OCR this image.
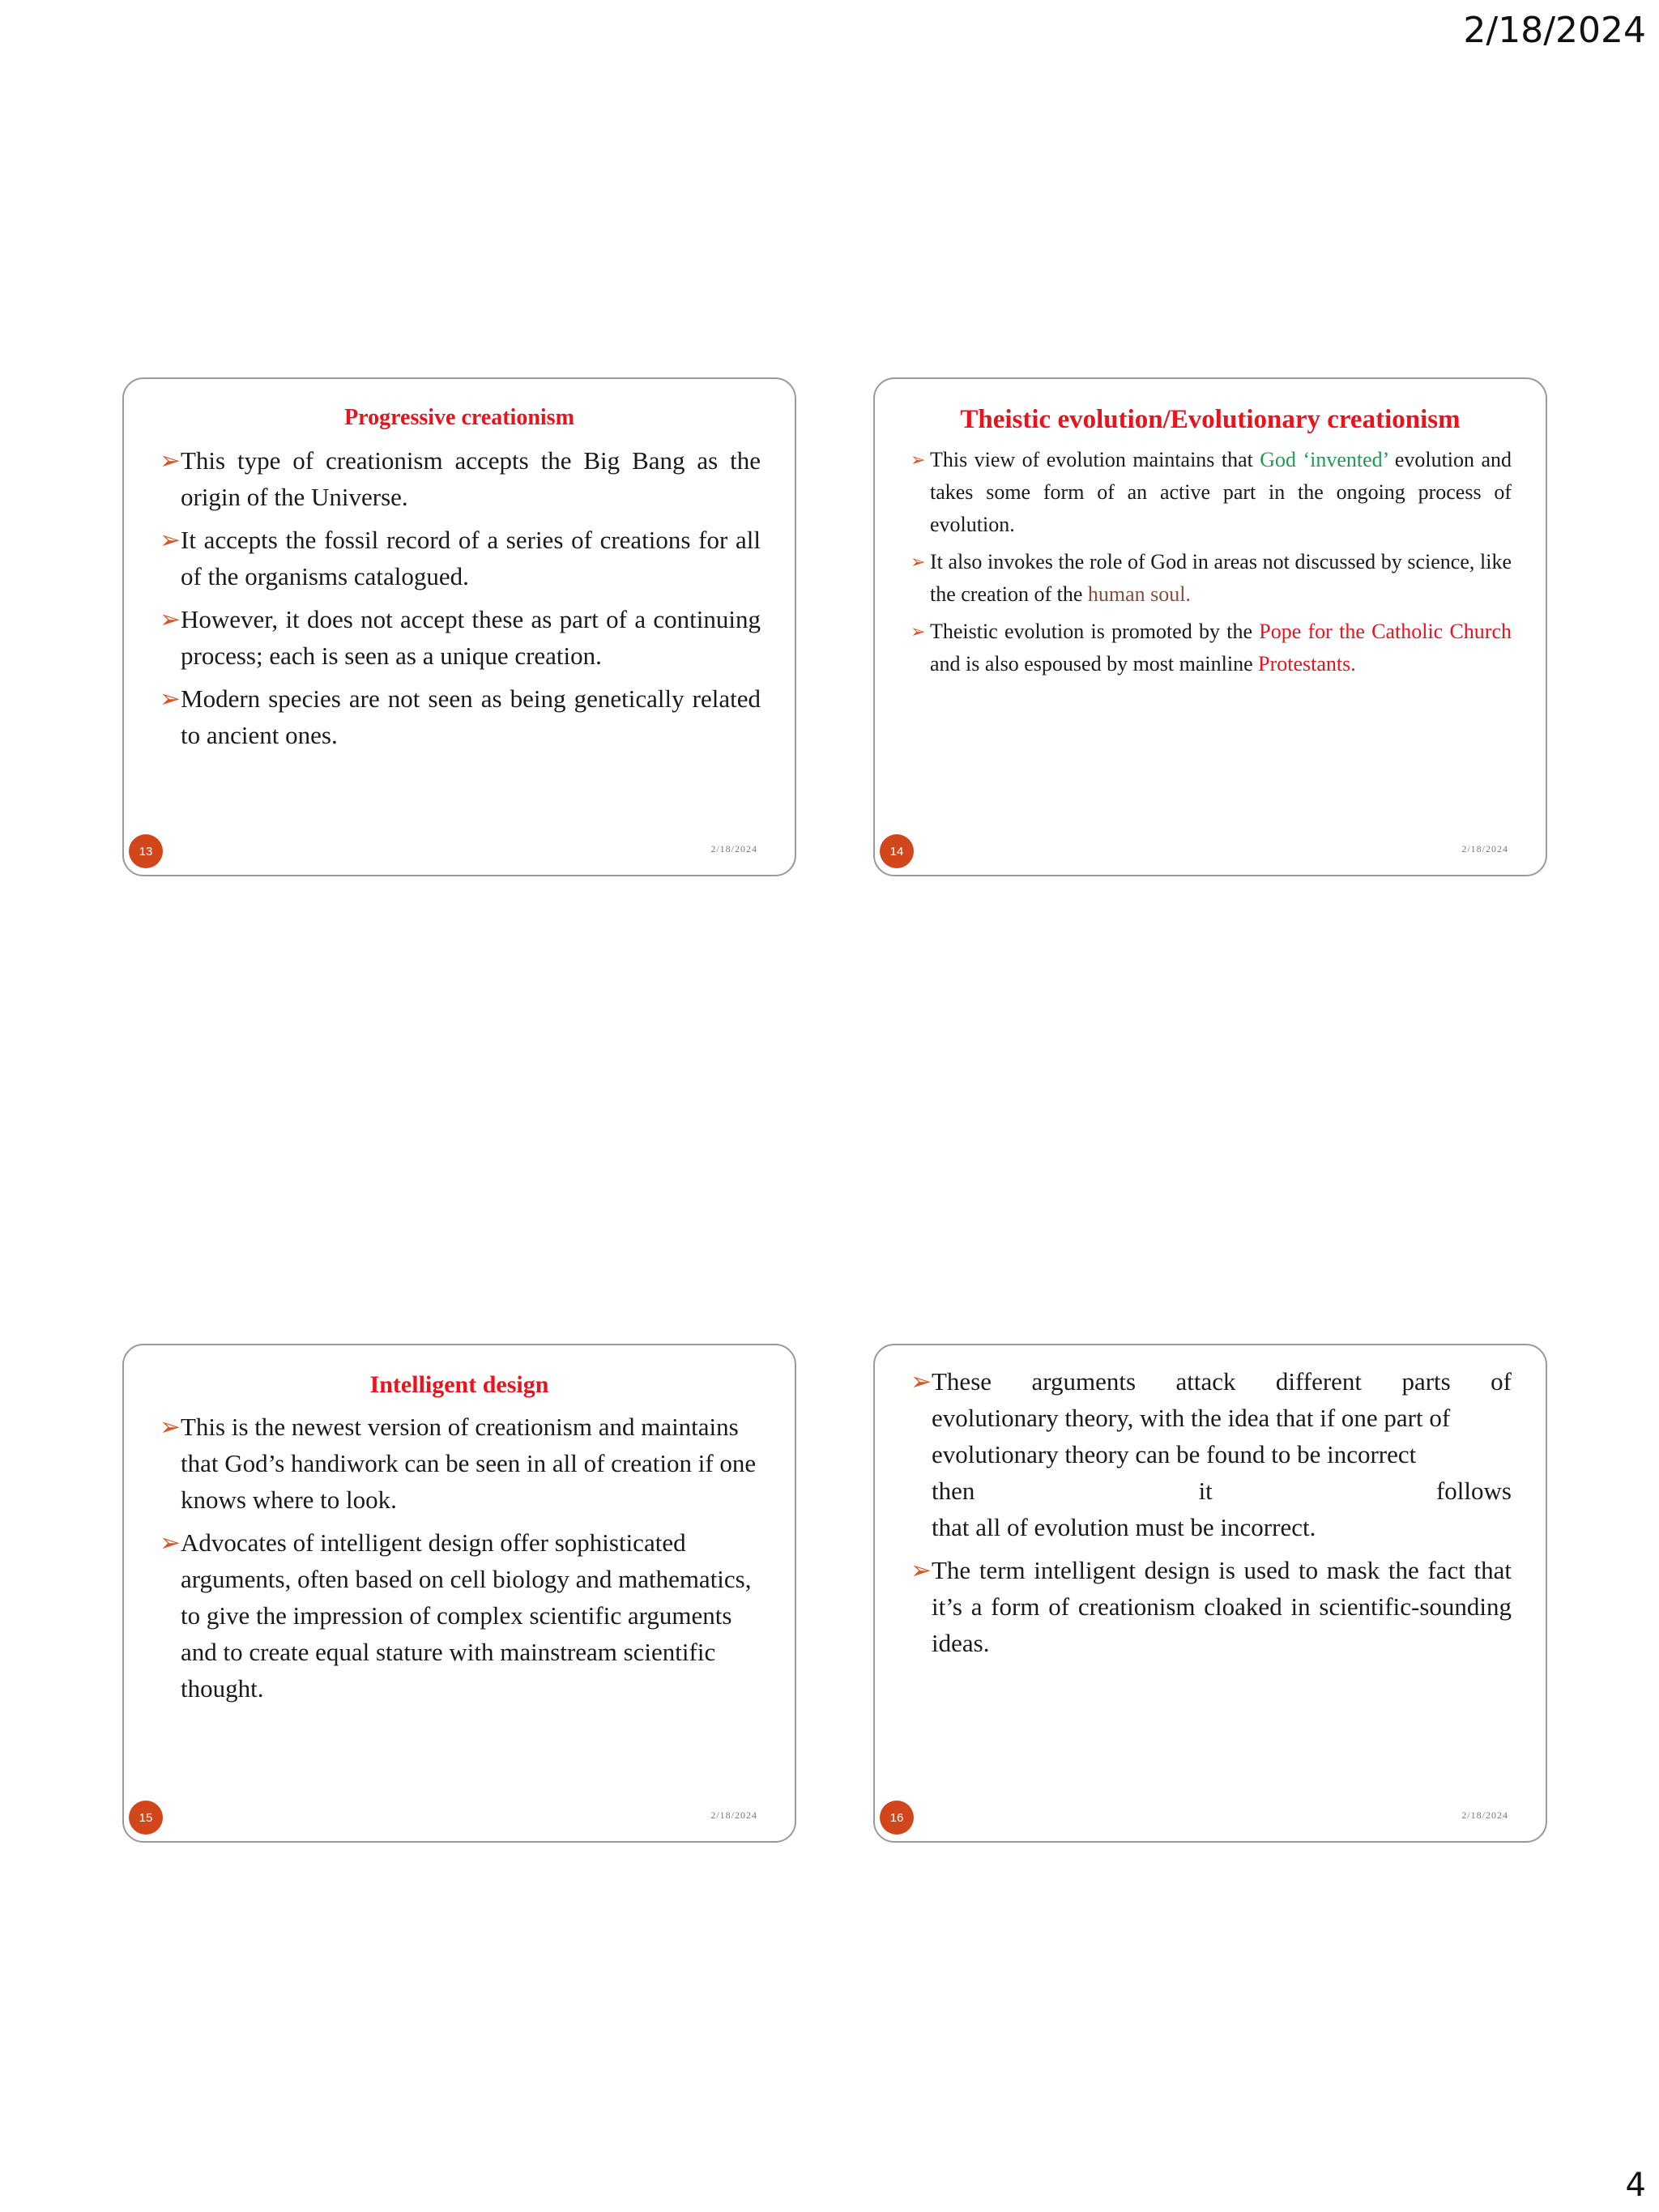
2/18/2024
Progressive creationism

➢ This type of creationism accepts the Big Bang as the origin of the Universe.

➢ It accepts the fossil record of a series of creations for all of the organisms catalogued.

➢ However, it does not accept these as part of a continuing process; each is seen as a unique creation.

➢ Modern species are not seen as being genetically related to ancient ones.

13	2/18/2024
Theistic evolution/Evolutionary creationism

➢ This view of evolution maintains that God ‘invented’ evolution and takes some form of an active part in the ongoing process of evolution.

➢ It also invokes the role of God in areas not discussed by science, like the creation of the human soul.

➢ Theistic evolution is promoted by the Pope for the Catholic Church and is also espoused by most mainline Protestants.

14	2/18/2024
Intelligent design

➢ This is the newest version of creationism and maintains that God’s handiwork can be seen in all of creation if one knows where to look.

➢ Advocates of intelligent design offer sophisticated arguments, often based on cell biology and mathematics, to give the impression of complex scientific arguments and to create equal stature with mainstream scientific thought.

15	2/18/2024
➢ These arguments attack different parts of
evolutionary theory, with the idea that if one part of
evolutionary theory can be found to be incorrect
then	it	follows
that all of evolution must be incorrect.

➢ The term intelligent design is used to mask the fact that it’s a form of creationism cloaked in scientific-sounding ideas.

16	2/18/2024
4
